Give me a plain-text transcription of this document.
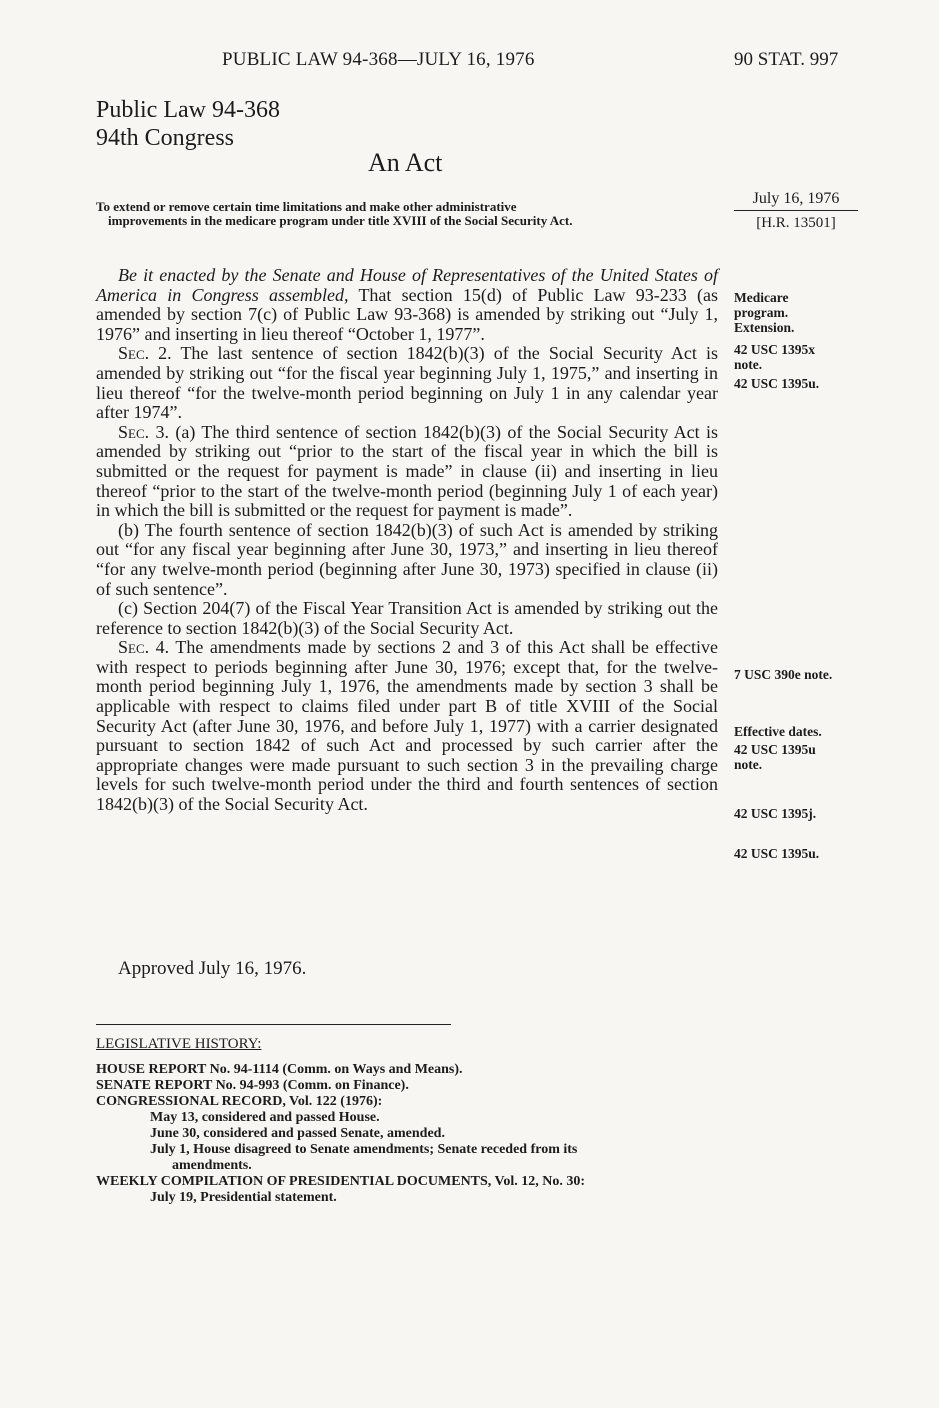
PUBLIC LAW 94-368—JULY 16, 1976	90 STAT. 997
Public Law 94-368
94th Congress
An Act
To extend or remove certain time limitations and make other administrative
improvements in the medicare program under title XVIII of the Social Security Act.
July 16, 1976
[H.R. 13501]

Be it enacted by the Senate and House of Representatives of the United States of America in Congress assembled, That section 15(d) of Public Law 93-233 (as amended by section 7(c) of Public Law 93-368) is amended by striking out “July 1, 1976” and inserting in lieu thereof “October 1, 1977”.

Sec. 2. The last sentence of section 1842(b)(3) of the Social Security Act is amended by striking out “for the fiscal year beginning July 1, 1975,” and inserting in lieu thereof “for the twelve-month period beginning on July 1 in any calendar year after 1974”.

Sec. 3. (a) The third sentence of section 1842(b)(3) of the Social Security Act is amended by striking out “prior to the start of the fiscal year in which the bill is submitted or the request for payment is made” in clause (ii) and inserting in lieu thereof “prior to the start of the twelve-month period (beginning July 1 of each year) in which the bill is submitted or the request for payment is made”.

(b) The fourth sentence of section 1842(b)(3) of such Act is amended by striking out “for any fiscal year beginning after June 30, 1973,” and inserting in lieu thereof “for any twelve-month period (beginning after June 30, 1973) specified in clause (ii) of such sentence”.

(c) Section 204(7) of the Fiscal Year Transition Act is amended by striking out the reference to section 1842(b)(3) of the Social Security Act.

Sec. 4. The amendments made by sections 2 and 3 of this Act shall be effective with respect to periods beginning after June 30, 1976; except that, for the twelve-month period beginning July 1, 1976, the amendments made by section 3 shall be applicable with respect to claims filed under part B of title XVIII of the Social Security Act (after June 30, 1976, and before July 1, 1977) with a carrier designated pursuant to section 1842 of such Act and processed by such carrier after the appropriate changes were made pursuant to such section 3 in the prevailing charge levels for such twelve-month period under the third and fourth sentences of section 1842(b)(3) of the Social Security Act.

Medicare program. Extension.
42 USC 1395x note.
42 USC 1395u.
7 USC 390e note.
Effective dates.
42 USC 1395u note.
42 USC 1395j.
42 USC 1395u.
Approved July 16, 1976.
LEGISLATIVE HISTORY:
HOUSE REPORT No. 94-1114 (Comm. on Ways and Means).
SENATE REPORT No. 94-993 (Comm. on Finance).
CONGRESSIONAL RECORD, Vol. 122 (1976):
May 13, considered and passed House.
June 30, considered and passed Senate, amended.
July 1, House disagreed to Senate amendments; Senate receded from its
amendments.
WEEKLY COMPILATION OF PRESIDENTIAL DOCUMENTS, Vol. 12, No. 30:
July 19, Presidential statement.
